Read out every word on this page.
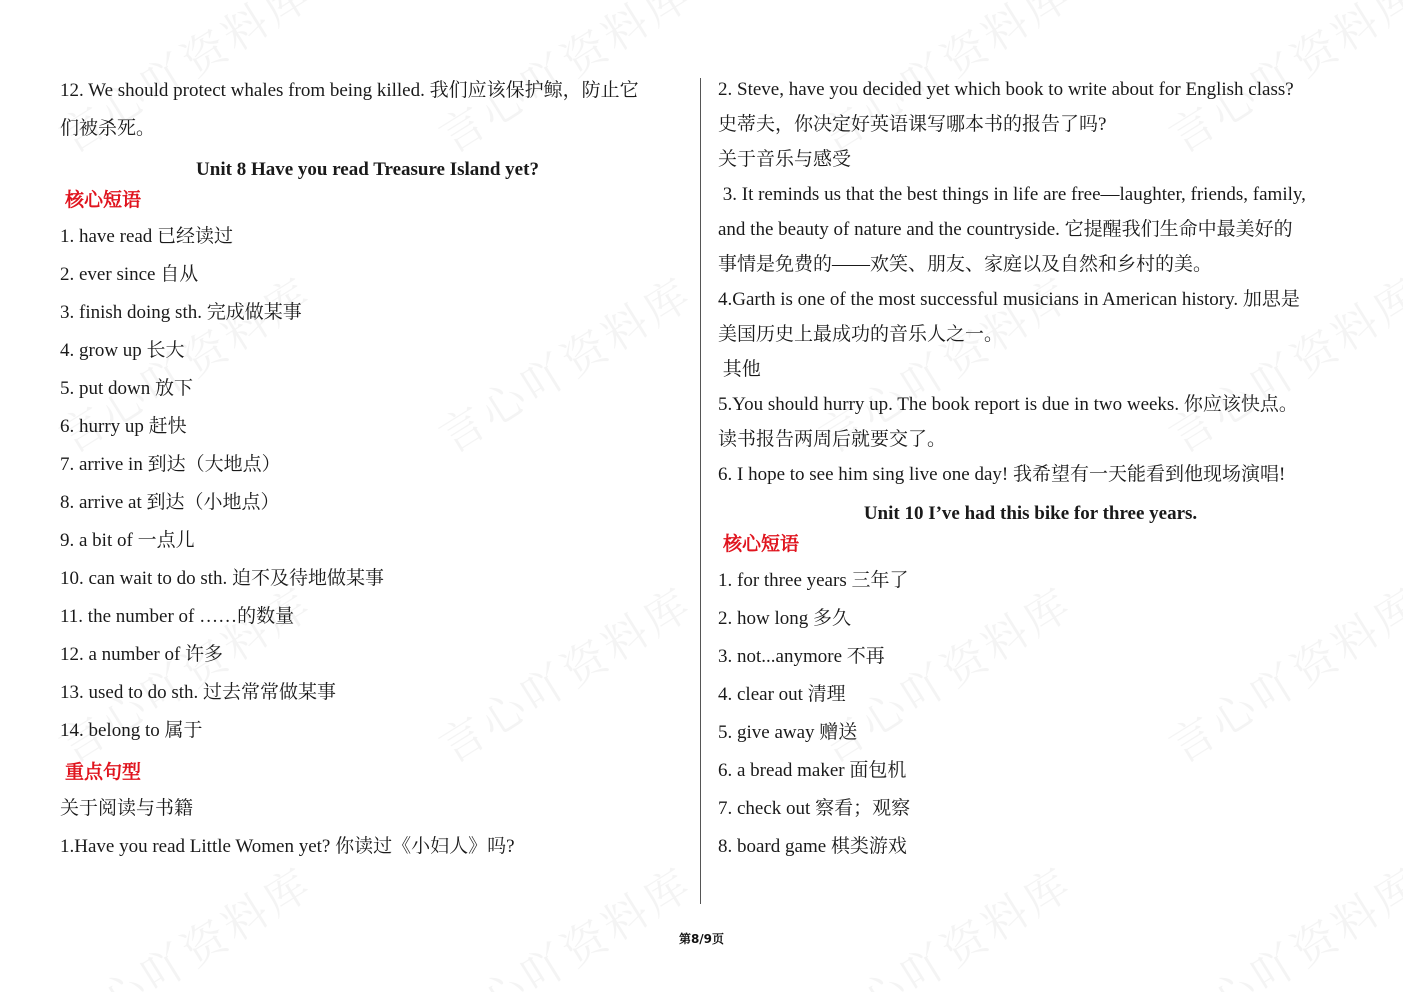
12. We should protect whales from being killed. 我们应该保护鲸，防止它
们被杀死。
Unit 8 Have you read Treasure Island yet?
核心短语
1. have read 已经读过
2. ever since 自从
3. finish doing sth. 完成做某事
4. grow up 长大
5. put down 放下
6. hurry up 赶快
7. arrive in 到达（大地点）
8. arrive at 到达（小地点）
9. a bit of 一点儿
10. can wait to do sth. 迫不及待地做某事
11. the number of ……的数量
12. a number of 许多
13. used to do sth. 过去常常做某事
14. belong to 属于
重点句型
关于阅读与书籍
1.Have you read Little Women yet? 你读过《小妇人》吗?
2. Steve, have you decided yet which book to write about for English class?
史蒂夫，你决定好英语课写哪本书的报告了吗?
关于音乐与感受
3. It reminds us that the best things in life are free—laughter, friends, family,
and the beauty of nature and the countryside. 它提醒我们生命中最美好的
事情是免费的——欢笑、朋友、家庭以及自然和乡村的美。
4.Garth is one of the most successful musicians in American history. 加思是
美国历史上最成功的音乐人之一。
其他
5.You should hurry up. The book report is due in two weeks. 你应该快点。
读书报告两周后就要交了。
6. I hope to see him sing live one day! 我希望有一天能看到他现场演唱!
Unit 10 I’ve had this bike for three years.
核心短语
1. for three years 三年了
2. how long 多久
3. not...anymore 不再
4. clear out 清理
5. give away 赠送
6. a bread maker 面包机
7. check out 察看；观察
8. board game 棋类游戏
第8/9页
